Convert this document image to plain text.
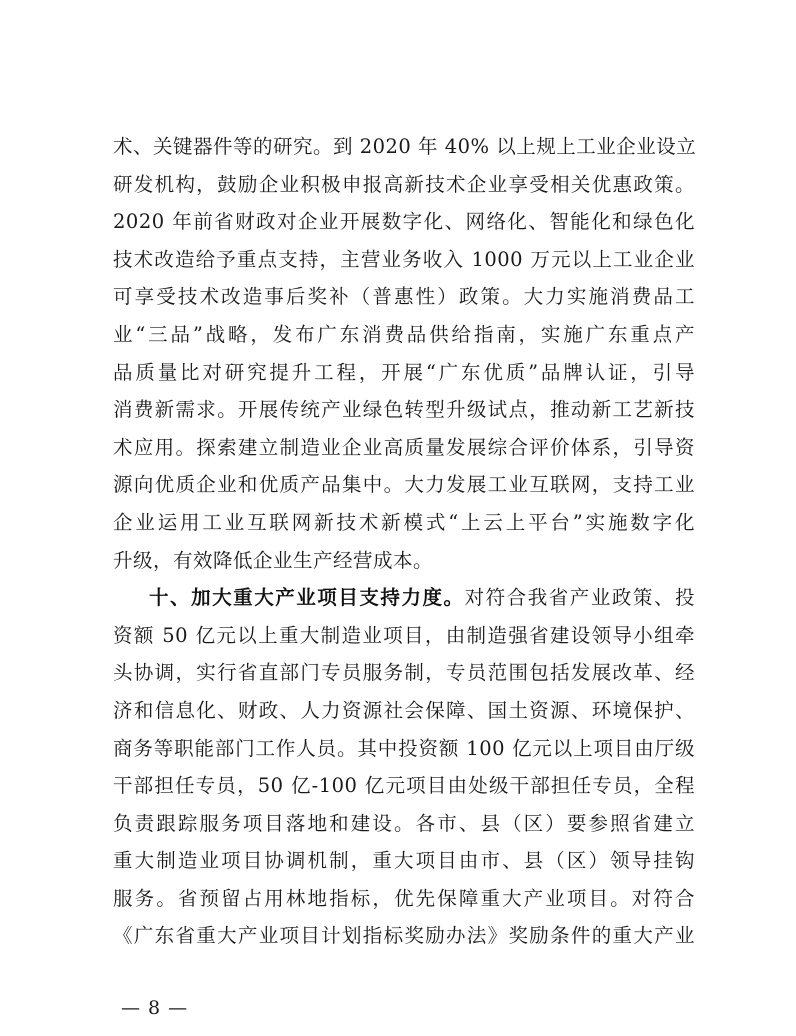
术、关键器件等的研究。到 2020 年 40% 以上规上工业企业设立
研发机构，鼓励企业积极申报高新技术企业享受相关优惠政策。
2020 年前省财政对企业开展数字化、网络化、智能化和绿色化
技术改造给予重点支持，主营业务收入 1000 万元以上工业企业
可享受技术改造事后奖补（普惠性）政策。大力实施消费品工
业“三品”战略，发布广东消费品供给指南，实施广东重点产
品质量比对研究提升工程，开展“广东优质”品牌认证，引导
消费新需求。开展传统产业绿色转型升级试点，推动新工艺新技
术应用。探索建立制造业企业高质量发展综合评价体系，引导资
源向优质企业和优质产品集中。大力发展工业互联网，支持工业
企业运用工业互联网新技术新模式“上云上平台”实施数字化
升级，有效降低企业生产经营成本。
十、加大重大产业项目支持力度。对符合我省产业政策、投
资额 50 亿元以上重大制造业项目，由制造强省建设领导小组牵
头协调，实行省直部门专员服务制，专员范围包括发展改革、经
济和信息化、财政、人力资源社会保障、国土资源、环境保护、
商务等职能部门工作人员。其中投资额 100 亿元以上项目由厅级
干部担任专员，50 亿-100 亿元项目由处级干部担任专员，全程
负责跟踪服务项目落地和建设。各市、县（区）要参照省建立
重大制造业项目协调机制，重大项目由市、县（区）领导挂钩
服务。省预留占用林地指标，优先保障重大产业项目。对符合
《广东省重大产业项目计划指标奖励办法》奖励条件的重大产业
— 8 —
